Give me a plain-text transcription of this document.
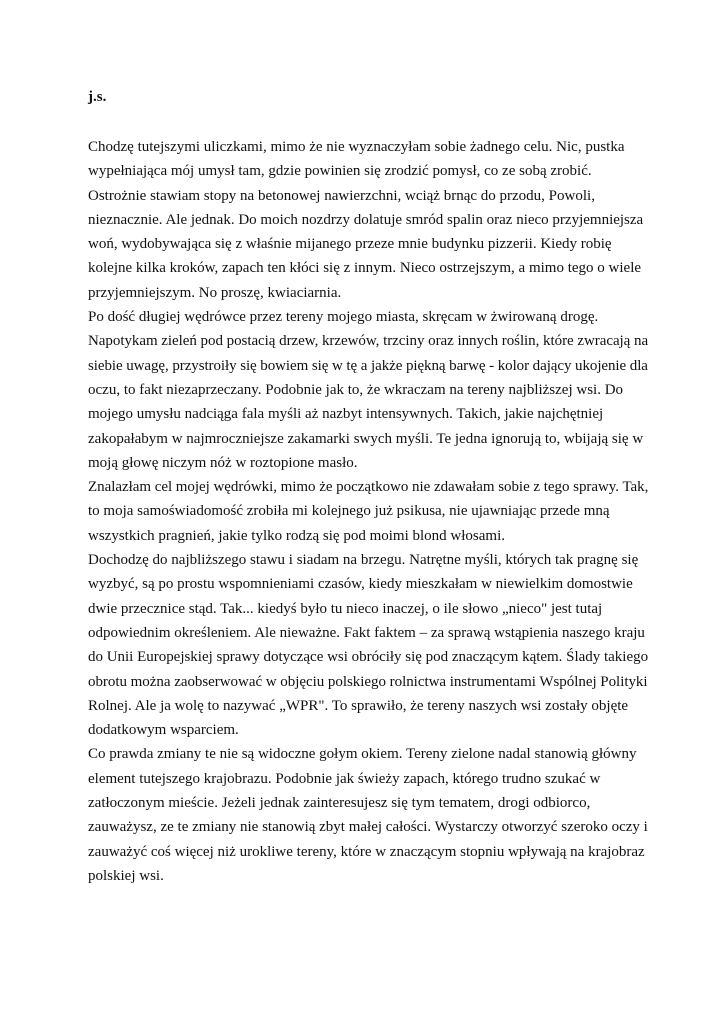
j.s.
Chodzę tutejszymi uliczkami, mimo że nie wyznaczyłam sobie żadnego celu. Nic, pustka
wypełniająca mój umysł tam, gdzie powinien się zrodzić pomysł, co ze sobą zrobić.
Ostrożnie stawiam stopy na betonowej nawierzchni, wciąż brnąc do przodu, Powoli,
nieznacznie. Ale jednak. Do moich nozdrzy dolatuje smród spalin oraz nieco przyjemniejsza
woń, wydobywająca się z właśnie mijanego przeze mnie budynku pizzerii. Kiedy robię
kolejne kilka kroków, zapach ten kłóci się z innym. Nieco ostrzejszym, a mimo tego o wiele
przyjemniejszym. No proszę, kwiaciarnia.
Po dość długiej wędrówce przez tereny mojego miasta, skręcam w żwirowaną drogę.
Napotykam zieleń pod postacią drzew, krzewów, trzciny oraz innych roślin, które zwracają na
siebie uwagę, przystroiły się bowiem się w tę a jakże piękną barwę - kolor dający ukojenie dla
oczu, to fakt niezaprzeczany. Podobnie jak to, że wkraczam na tereny najbliższej wsi. Do
mojego umysłu nadciąga fala myśli aż nazbyt intensywnych. Takich, jakie najchętniej
zakopałabym w najmroczniejsze zakamarki swych myśli. Te jedna ignorują to, wbijają się w
moją głowę niczym nóż w roztopione masło.
Znalazłam cel mojej wędrówki, mimo że początkowo nie zdawałam sobie z tego sprawy. Tak,
to moja samoświadomość zrobiła mi kolejnego już psikusa, nie ujawniając przede mną
wszystkich pragnień, jakie tylko rodzą się pod moimi blond włosami.
Dochodzę do najbliższego stawu i siadam na brzegu. Natrętne myśli, których tak pragnę się
wyzbyć, są po prostu wspomnieniami czasów, kiedy mieszkałam w niewielkim domostwie
dwie przecznice stąd. Tak... kiedyś było tu nieco inaczej, o ile słowo „nieco" jest tutaj
odpowiednim określeniem. Ale nieważne. Fakt faktem – za sprawą wstąpienia naszego kraju
do Unii Europejskiej sprawy dotyczące wsi obróciły się pod znaczącym kątem. Ślady takiego
obrotu można zaobserwować w objęciu polskiego rolnictwa instrumentami Wspólnej Polityki
Rolnej. Ale ja wolę to nazywać „WPR". To sprawiło, że tereny naszych wsi zostały objęte
dodatkowym wsparciem.
Co prawda zmiany te nie są widoczne gołym okiem. Tereny zielone nadal stanowią główny
element tutejszego krajobrazu. Podobnie jak świeży zapach, którego trudno szukać w
zatłoczonym mieście. Jeżeli jednak zainteresujesz się tym tematem, drogi odbiorco,
zauważysz, ze te zmiany nie stanowią zbyt małej całości. Wystarczy otworzyć szeroko oczy i
zauważyć coś więcej niż urokliwe tereny, które w znaczącym stopniu wpływają na krajobraz
polskiej wsi.
